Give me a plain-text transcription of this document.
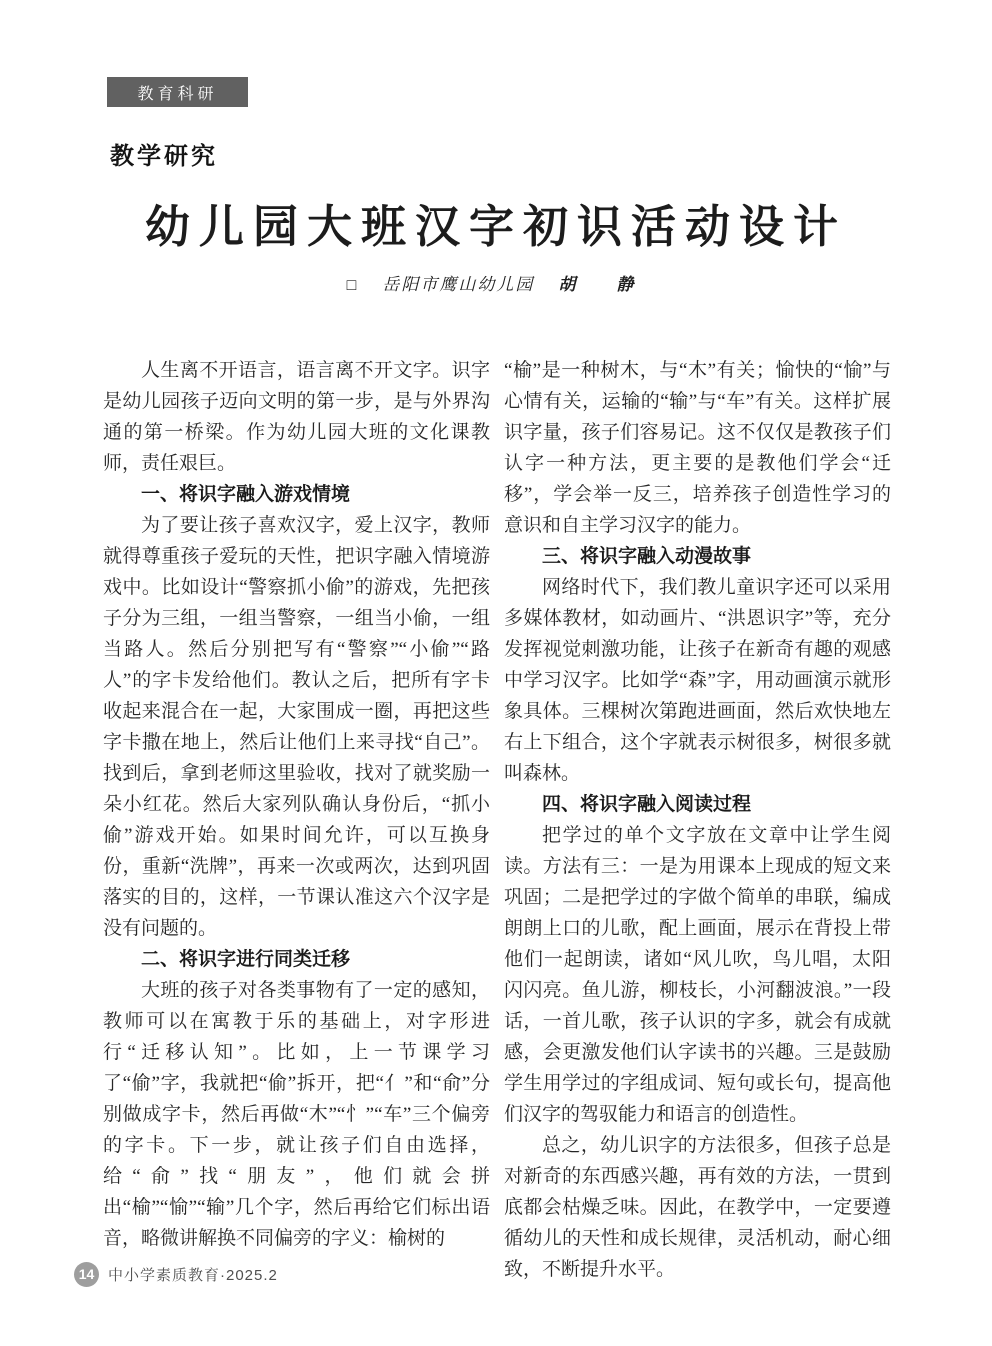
教育科研
教学研究
幼儿园大班汉字初识活动设计
□ 岳阳市鹰山幼儿园 胡　静

人生离不开语言，语言离不开文字。识字是幼儿园孩子迈向文明的第一步，是与外界沟通的第一桥梁。作为幼儿园大班的文化课教师，责任艰巨。

一、将识字融入游戏情境

为了要让孩子喜欢汉字，爱上汉字，教师就得尊重孩子爱玩的天性，把识字融入情境游戏中。比如设计“警察抓小偷”的游戏，先把孩子分为三组，一组当警察，一组当小偷，一组当路人。然后分别把写有“警察”“小偷”“路人”的字卡发给他们。教认之后，把所有字卡收起来混合在一起，大家围成一圈，再把这些字卡撒在地上，然后让他们上来寻找“自己”。找到后，拿到老师这里验收，找对了就奖励一朵小红花。然后大家列队确认身份后，“抓小偷”游戏开始。如果时间允许，可以互换身份，重新“洗牌”，再来一次或两次，达到巩固落实的目的，这样，一节课认准这六个汉字是没有问题的。

二、将识字进行同类迁移

大班的孩子对各类事物有了一定的感知，教师可以在寓教于乐的基础上，对字形进行“迁移认知”。比如，上一节课学习了“偷”字，我就把“偷”拆开，把“亻”和“俞”分别做成字卡，然后再做“木”“忄”“车”三个偏旁的字卡。下一步，就让孩子们自由选择，给“俞”找“朋友”，他们就会拼出“榆”“愉”“输”几个字，然后再给它们标出语音，略微讲解换不同偏旁的字义：榆树的

“榆”是一种树木，与“木”有关；愉快的“愉”与心情有关，运输的“输”与“车”有关。这样扩展识字量，孩子们容易记。这不仅仅是教孩子们认字一种方法，更主要的是教他们学会“迁移”，学会举一反三，培养孩子创造性学习的意识和自主学习汉字的能力。

三、将识字融入动漫故事

网络时代下，我们教儿童识字还可以采用多媒体教材，如动画片、“洪恩识字”等，充分发挥视觉刺激功能，让孩子在新奇有趣的观感中学习汉字。比如学“森”字，用动画演示就形象具体。三棵树次第跑进画面，然后欢快地左右上下组合，这个字就表示树很多，树很多就叫森林。

四、将识字融入阅读过程

把学过的单个文字放在文章中让学生阅读。方法有三：一是为用课本上现成的短文来巩固；二是把学过的字做个简单的串联，编成朗朗上口的儿歌，配上画面，展示在背投上带他们一起朗读，诸如“风儿吹，鸟儿唱，太阳闪闪亮。鱼儿游，柳枝长，小河翻波浪。”一段话，一首儿歌，孩子认识的字多，就会有成就感，会更激发他们认字读书的兴趣。三是鼓励学生用学过的字组成词、短句或长句，提高他们汉字的驾驭能力和语言的创造性。

总之，幼儿识字的方法很多，但孩子总是对新奇的东西感兴趣，再有效的方法，一贯到底都会枯燥乏味。因此，在教学中，一定要遵循幼儿的天性和成长规律，灵活机动，耐心细致，不断提升水平。

14 中小学素质教育·2025.2
